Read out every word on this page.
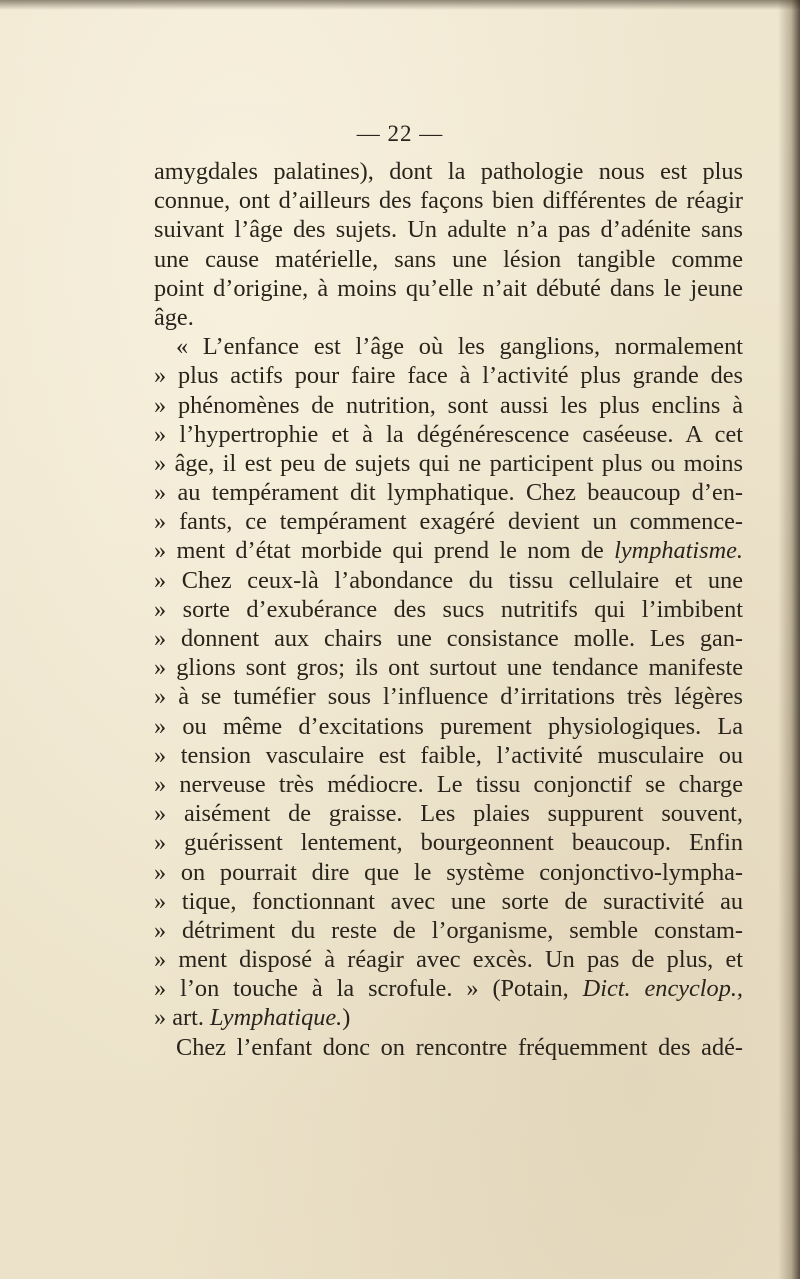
— 22 —
amygdales palatines), dont la pathologie nous est plus
connue, ont d’ailleurs des façons bien différentes de réagir
suivant l’âge des sujets. Un adulte n’a pas d’adénite sans
une cause matérielle, sans une lésion tangible comme
point d’origine, à moins qu’elle n’ait débuté dans le jeune
âge.
« L’enfance est l’âge où les ganglions, normalement
» plus actifs pour faire face à l’activité plus grande des
» phénomènes de nutrition, sont aussi les plus enclins à
» l’hypertrophie et à la dégénérescence caséeuse. A cet
» âge, il est peu de sujets qui ne participent plus ou moins
» au tempérament dit lymphatique. Chez beaucoup d’en-
» fants, ce tempérament exagéré devient un commence-
» ment d’état morbide qui prend le nom de lymphatisme.
» Chez ceux-là l’abondance du tissu cellulaire et une
» sorte d’exubérance des sucs nutritifs qui l’imbibent
» donnent aux chairs une consistance molle. Les gan-
» glions sont gros; ils ont surtout une tendance manifeste
» à se tuméfier sous l’influence d’irritations très légères
» ou même d’excitations purement physiologiques. La
» tension vasculaire est faible, l’activité musculaire ou
» nerveuse très médiocre. Le tissu conjonctif se charge
» aisément de graisse. Les plaies suppurent souvent,
» guérissent lentement, bourgeonnent beaucoup. Enfin
» on pourrait dire que le système conjonctivo-lympha-
» tique, fonctionnant avec une sorte de suractivité au
» détriment du reste de l’organisme, semble constam-
» ment disposé à réagir avec excès. Un pas de plus, et
» l’on touche à la scrofule. » (Potain, Dict. encyclop.,
» art. Lymphatique.)
Chez l’enfant donc on rencontre fréquemment des adé-
